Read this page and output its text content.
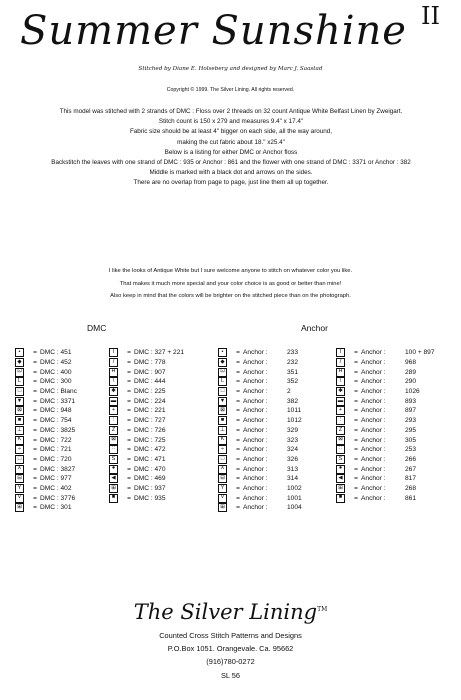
Summer Sunshine II
Stitched by Diane E. Holseberg and designed by Marc J. Saastad
Copyright © 1999. The Silver Lining. All rights reserved.
This model was stitched with 2 strands of DMC : Floss over 2 threads on 32 count Antique White Belfast Linen by Zweigart.
Stitch count is 150 x 279 and measures 9.4" x 17.4"
Fabric size should be at least 4" bigger on each side, all the way around,
making the cut fabric about 18." x25.4"
Below is a listing for either DMC or Anchor floss
Backstitch the leaves with one strand of DMC : 935 or Anchor : 861 and the flower with one strand of DMC : 3371 or Anchor : 382
Middle is marked with a black dot and arrows on the sides.
There are no overlap from page to page, just line them all up together.
I like the looks of Antique White but I sure welcome anyone to stitch on whatever color you like.
That makes it much more special and your color choice is as good or better than mine!
Also keep in mind that the colors will be brighter on the stitched piece than on the photograph.
DMC	Anchor
•	= DMC : 451
◆	= DMC : 452
⊡	= DMC : 400
L	= DMC : 300
□	= DMC : Blanc
▼	= DMC : 3371
⊠	= DMC : 948
■	= DMC : 754
⊥	= DMC : 3825
K	= DMC : 722
÷	= DMC : 721
□	= DMC : 720
X	= DMC : 3827
⊟	= DMC : 977
Y	= DMC : 402
V	= DMC : 3776
⊞	= DMC : 301
I	= DMC : 327 + 221
/	= DMC : 778
H	= DMC : 907
\	= DMC : 444
✱	= DMC : 225
▬	= DMC : 224
+	= DMC : 221
⋮	= DMC : 727
Z	= DMC : 726
⊠	= DMC : 725
∷	= DMC : 472
S	= DMC : 471
●	= DMC : 470
◀	= DMC : 469
⊞	= DMC : 937
■	= DMC : 935
•	= Anchor :	233
◆	= Anchor :	232
⊡	= Anchor :	351
L	= Anchor :	352
□	= Anchor :	2
▼	= Anchor :	382
⊠	= Anchor :	1011
■	= Anchor :	1012
⊥	= Anchor :	329
K	= Anchor :	323
÷	= Anchor :	324
□	= Anchor :	326
X	= Anchor :	313
⊟	= Anchor :	314
Y	= Anchor :	1002
V	= Anchor :	1001
⊞	= Anchor :	1004
I	= Anchor :	100 + 897
/	= Anchor :	968
H	= Anchor :	289
\	= Anchor :	290
✱	= Anchor :	1026
▬	= Anchor :	893
+	= Anchor :	897
⋮	= Anchor :	293
Z	= Anchor :	295
⊠	= Anchor :	305
∷	= Anchor :	253
S	= Anchor :	266
●	= Anchor :	267
◀	= Anchor :	817
⊞	= Anchor :	268
■	= Anchor :	861
The Silver Lining™
Counted Cross Stitch Patterns and Designs
P.O.Box 1051. Orangevale. Ca. 95662
(916)780-0272
SL 56
